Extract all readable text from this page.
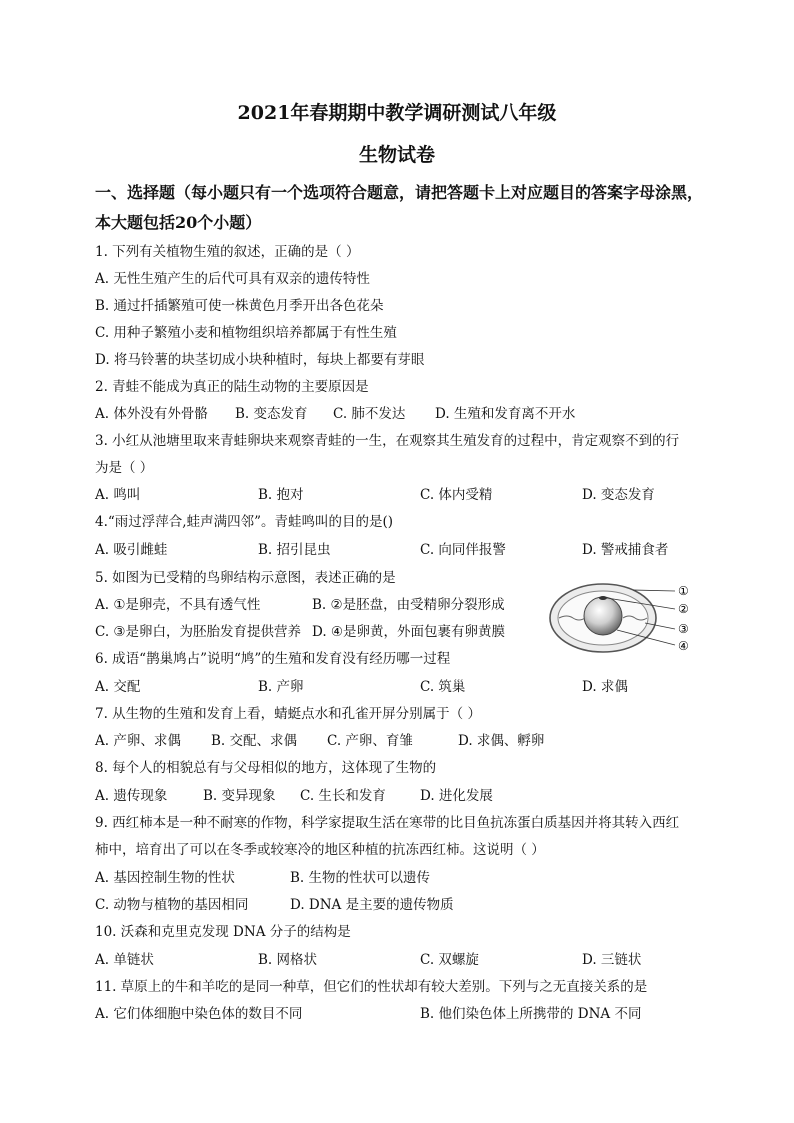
2021年春期期中教学调研测试八年级
生物试卷
一、选择题（每小题只有一个选项符合题意，请把答题卡上对应题目的答案字母涂黑，本大题包括20个小题）
1. 下列有关植物生殖的叙述，正确的是（ ）
A. 无性生殖产生的后代可具有双亲的遗传特性
B. 通过扦插繁殖可使一株黄色月季开出各色花朵
C. 用种子繁殖小麦和植物组织培养都属于有性生殖
D. 将马铃薯的块茎切成小块种植时，每块上都要有芽眼
2. 青蛙不能成为真正的陆生动物的主要原因是
A. 体外没有外骨骼 B. 变态发育 C. 肺不发达 D. 生殖和发育离不开水
3. 小红从池塘里取来青蛙卵块来观察青蛙的一生，在观察其生殖发育的过程中，肯定观察不到的行
为是（ ）
A. 鸣叫	B. 抱对	C. 体内受精	D. 变态发育
4.“雨过浮萍合,蛙声满四邻”。青蛙鸣叫的目的是()
A. 吸引雌蛙	B. 招引昆虫	C. 向同伴报警	D. 警戒捕食者
5. 如图为已受精的鸟卵结构示意图，表述正确的是
A. ①是卵壳，不具有透气性	B. ②是胚盘，由受精卵分裂形成
C. ③是卵白，为胚胎发育提供营养 D. ④是卵黄，外面包裹有卵黄膜
①
②
③
④
6. 成语“鹊巢鸠占”说明“鸠”的生殖和发育没有经历哪一过程
A. 交配	B. 产卵	C. 筑巢	D. 求偶
7. 从生物的生殖和发育上看，蜻蜓点水和孔雀开屏分别属于（ ）
A. 产卵、求偶 B. 交配、求偶 C. 产卵、育雏	D. 求偶、孵卵
8. 每个人的相貌总有与父母相似的地方，这体现了生物的
A. 遗传现象	B. 变异现象 C. 生长和发育	D. 进化发展
9. 西红柿本是一种不耐寒的作物，科学家提取生活在寒带的比目鱼抗冻蛋白质基因并将其转入西红
柿中，培育出了可以在冬季或较寒冷的地区种植的抗冻西红柿。这说明（ ）
A. 基因控制生物的性状	B. 生物的性状可以遗传
C. 动物与植物的基因相同	D. DNA 是主要的遗传物质
10. 沃森和克里克发现 DNA 分子的结构是
A. 单链状	B. 网格状	C. 双螺旋	D. 三链状
11. 草原上的牛和羊吃的是同一种草，但它们的性状却有较大差别。下列与之无直接关系的是
A. 它们体细胞中染色体的数目不同	B. 他们染色体上所携带的 DNA 不同
